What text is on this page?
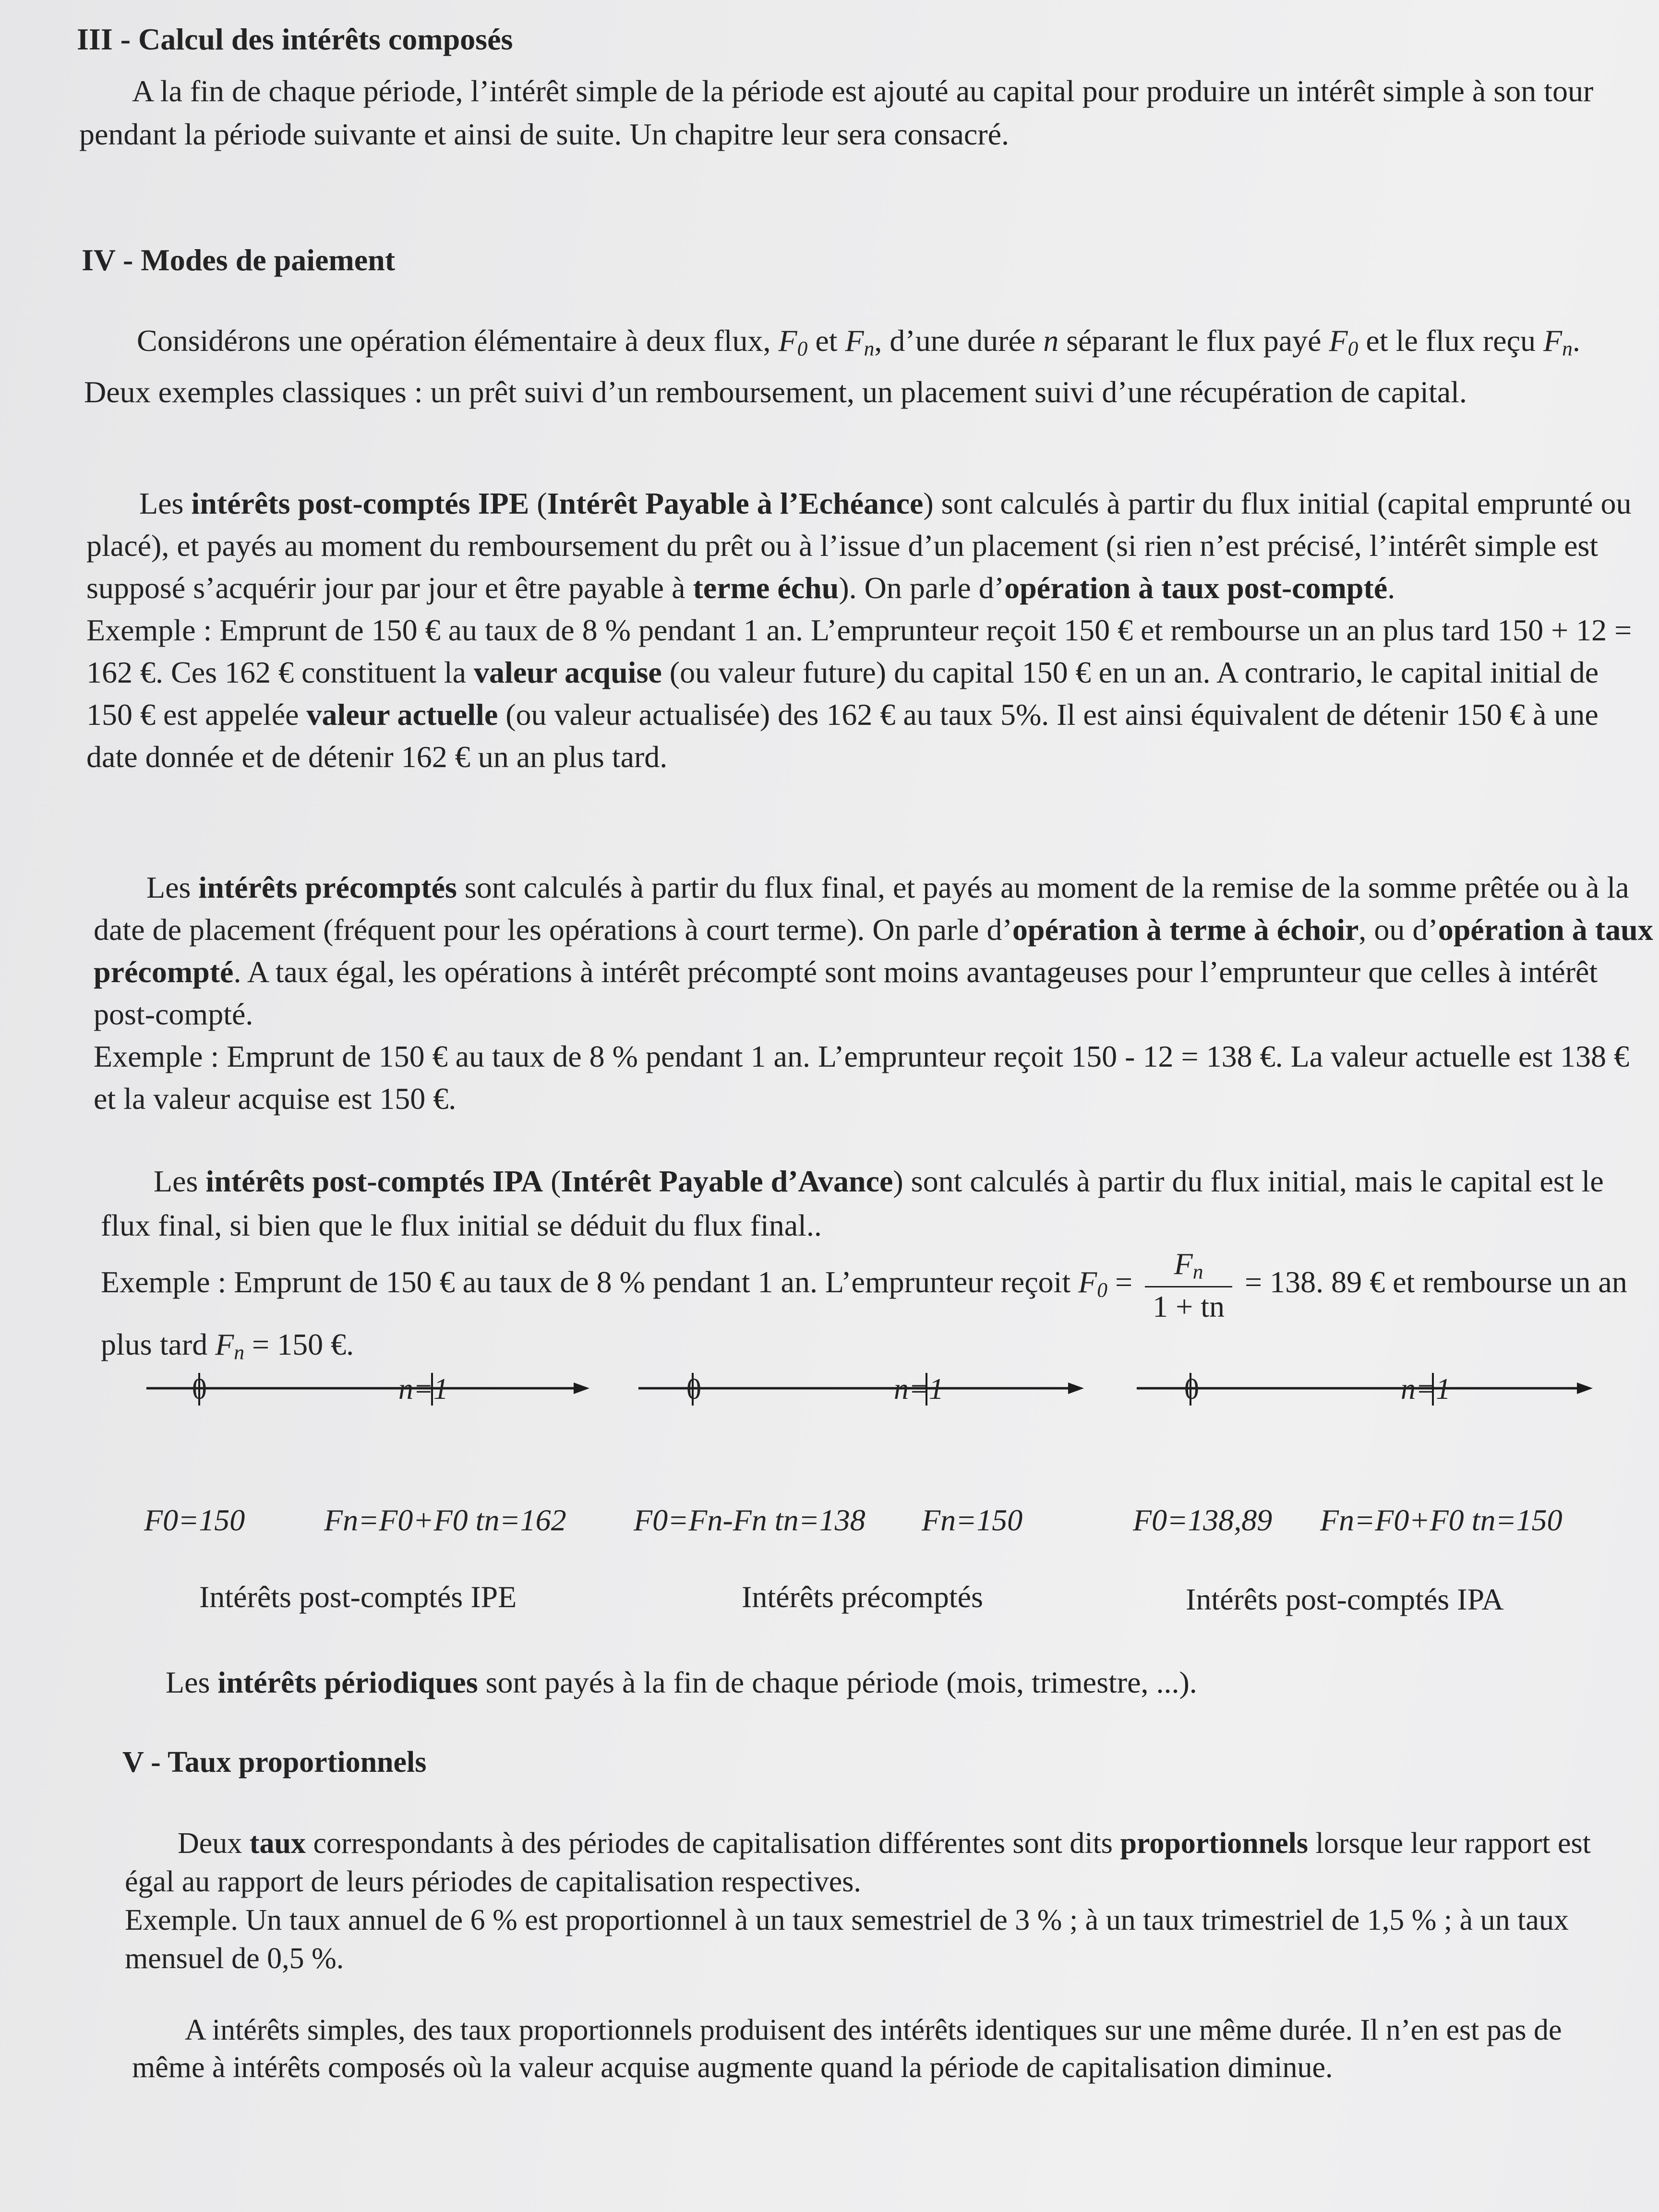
III - Calcul des intérêts composés

A la fin de chaque période, l’intérêt simple de la période est ajouté au capital pour produire un intérêt simple à son tour pendant la période suivante et ainsi de suite. Un chapitre leur sera consacré.

IV - Modes de paiement

Considérons une opération élémentaire à deux flux, $F_0$ et $F_n$, d’une durée n séparant le flux payé $F_0$ et le flux reçu $F_n$. Deux exemples classiques : un prêt suivi d’un remboursement, un placement suivi d’une récupération de capital.

Les intérêts post-comptés IPE (Intérêt Payable à l’Echéance) sont calculés à partir du flux initial (capital emprunté ou placé), et payés au moment du remboursement du prêt ou à l’issue d’un placement (si rien n’est précisé, l’intérêt simple est supposé s’acquérir jour par jour et être payable à terme échu). On parle d’opération à taux post-compté.
Exemple : Emprunt de 150 € au taux de 8 % pendant 1 an. L’emprunteur reçoit 150 € et rembourse un an plus tard 150 + 12 = 162 €. Ces 162 € constituent la valeur acquise (ou valeur future) du capital 150 € en un an. A contrario, le capital initial de 150 € est appelée valeur actuelle (ou valeur actualisée) des 162 € au taux 5%. Il est ainsi équivalent de détenir 150 € à une date donnée et de détenir 162 € un an plus tard.

Les intérêts précomptés sont calculés à partir du flux final, et payés au moment de la remise de la somme prêtée ou à la date de placement (fréquent pour les opérations à court terme). On parle d’opération à terme à échoir, ou d’opération à taux précompté. A taux égal, les opérations à intérêt précompté sont moins avantageuses pour l’emprunteur que celles à intérêt post-compté.
Exemple : Emprunt de 150 € au taux de 8 % pendant 1 an. L’emprunteur reçoit 150 - 12 = 138 €. La valeur actuelle est 138 € et la valeur acquise est 150 €.

Les intérêts post-comptés IPA (Intérêt Payable d’Avance) sont calculés à partir du flux initial, mais le capital est le flux final, si bien que le flux initial se déduit du flux final..
Exemple : Emprunt de 150 € au taux de 8 % pendant 1 an. L’emprunteur reçoit $F_0 = \frac{F_n}{1 + tn} = 138$. 89 € et rembourse un an plus tard $F_n = 150$ €.

0	n=1	0	n=1	0	n=1
F0=150	Fn=F0+F0 tn=162 F0=Fn-Fn tn=138 Fn=150	F0=138,89 Fn=F0+F0 tn=150
Intérêts post-comptés IPE	Intérêts précomptés	Intérêts post-comptés IPA

Les intérêts périodiques sont payés à la fin de chaque période (mois, trimestre, ...).

V - Taux proportionnels

Deux taux correspondants à des périodes de capitalisation différentes sont dits proportionnels lorsque leur rapport est égal au rapport de leurs périodes de capitalisation respectives.
Exemple. Un taux annuel de 6 % est proportionnel à un taux semestriel de 3 % ; à un taux trimestriel de 1,5 % ; à un taux mensuel de 0,5 %.

A intérêts simples, des taux proportionnels produisent des intérêts identiques sur une même durée. Il n’en est pas de même à intérêts composés où la valeur acquise augmente quand la période de capitalisation diminue.
